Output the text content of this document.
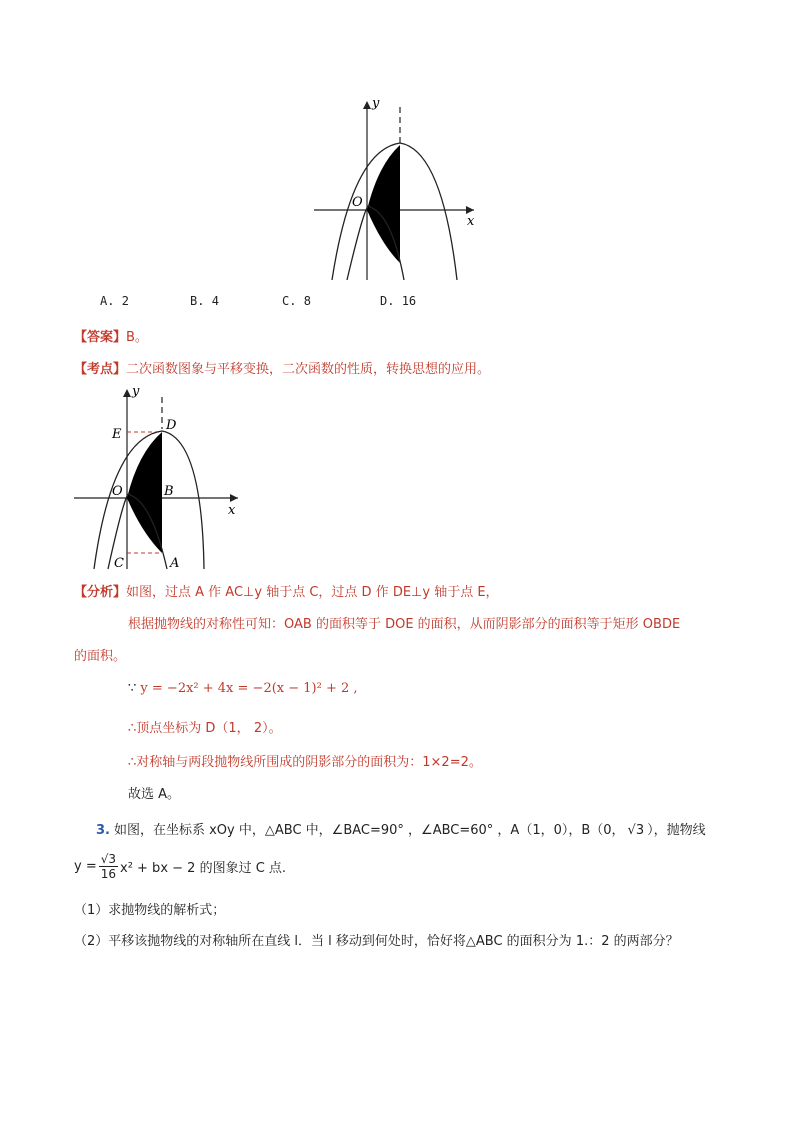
O
y
x
A. 2	B. 4	C. 8	D. 16
【答案】B。
【考点】二次函数图象与平移变换，二次函数的性质，转换思想的应用。
O
y
x
E
D
B
C	A
【分析】如图，过点 A 作 AC⊥y 轴于点 C，过点 D 作 DE⊥y 轴于点 E，
根据抛物线的对称性可知：OAB 的面积等于 DOE 的面积，从而阴影部分的面积等于矩形 OBDE
的面积。
∵ y = −2x² + 4x = −2(x − 1)² + 2 ,
∴顶点坐标为 D（1， 2）。
∴对称轴与两段抛物线所围成的阴影部分的面积为：1×2=2。
故选 A。
3. 如图，在坐标系 xOy 中，△ABC 中，∠BAC=90° ，∠ABC=60° ，A（1，0），B（0， √3 ），抛物线
$y = \frac{√3}{16} x^2$ + bx − 2 的图象过 C 点.
（1）求抛物线的解析式；
（2）平移该抛物线的对称轴所在直线 l．当 l 移动到何处时，恰好将△ABC 的面积分为 1.：2 的两部分？
